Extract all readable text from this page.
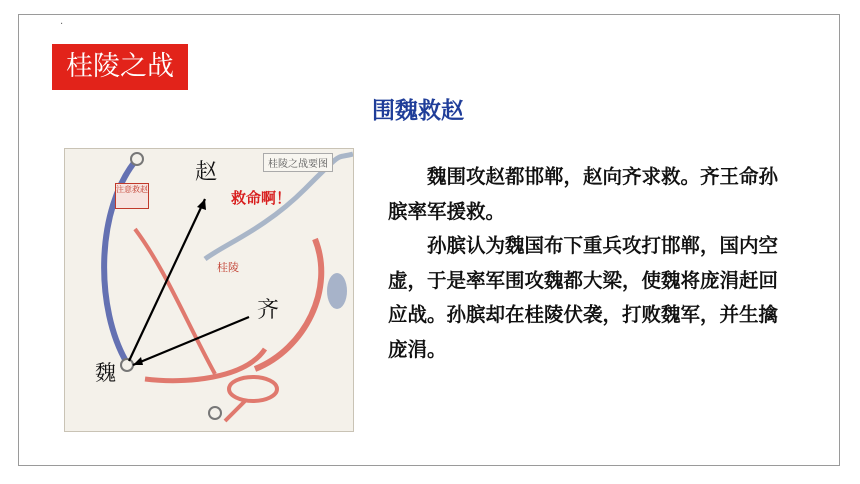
.
桂陵之战
围魏救赵
桂陵之战要图
注意救赵
赵
救命啊！
桂陵
齐
魏

魏围攻赵都邯郸，赵向齐求救。齐王命孙膑率军援救。

孙膑认为魏国布下重兵攻打邯郸，国内空虚，于是率军围攻魏都大梁，使魏将庞涓赶回应战。孙膑却在桂陵伏袭，打败魏军，并生擒庞涓。
